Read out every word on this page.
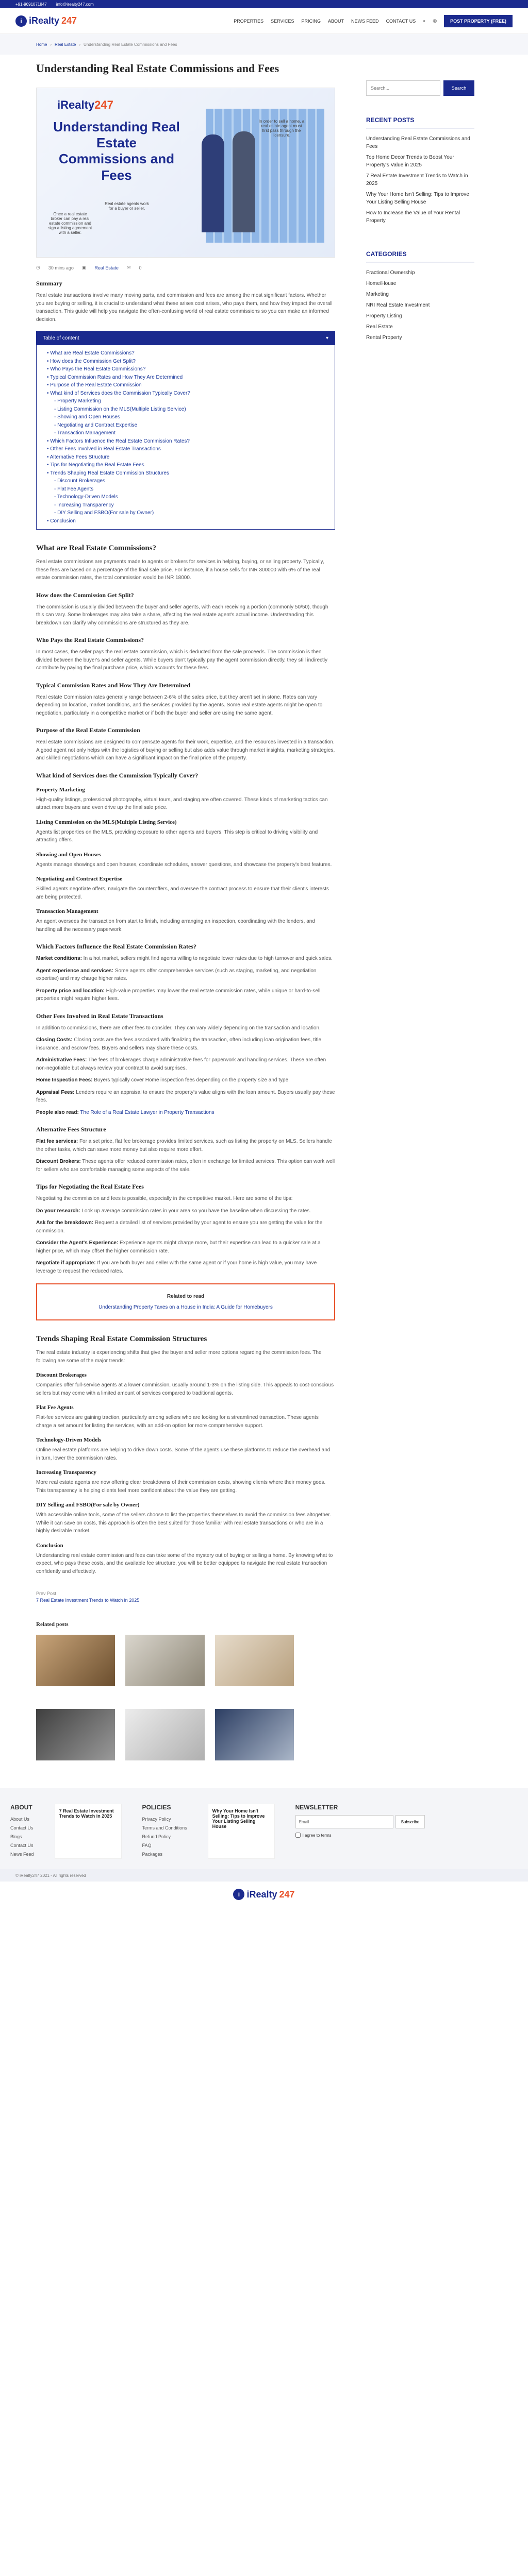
+91-9691071847 info@irealty247.com
i iRealty 247	PROPERTIES SERVICES PRICING ABOUT NEWS FEED CONTACT US ⌕ ◎	POST PROPERTY (FREE)
Home › Real Estate › Understanding Real Estate Commissions and Fees
Understanding Real Estate Commissions and Fees
iRealty247
Understanding Real Estate Commissions and Fees
Once a real estate broker can pay a real estate commission and sign a listing agreement with a seller.
Real estate agents work for a buyer or seller.
In order to sell a home, a real estate agent must first pass through the licensure.
◷ 30 mins ago ▣ Real Estate ✉ 0
Summary

Real estate transactions involve many moving parts, and commission and fees are among the most significant factors. Whether you are buying or selling, it is crucial to understand what these arises cost arises, who pays them, and how they impact the overall transaction. This guide will help you navigate the often-confusing world of real estate commissions so you can make an informed decision.

Table of content	▾
• What are Real Estate Commissions?
• How does the Commission Get Split?
• Who Pays the Real Estate Commissions?
• Typical Commission Rates and How They Are Determined
• Purpose of the Real Estate Commission
• What kind of Services does the Commission Typically Cover?
- Property Marketing
- Listing Commission on the MLS(Multiple Listing Service)
- Showing and Open Houses
- Negotiating and Contract Expertise
- Transaction Management
• Which Factors Influence the Real Estate Commission Rates?
• Other Fees Involved in Real Estate Transactions
• Alternative Fees Structure
• Tips for Negotiating the Real Estate Fees
• Trends Shaping Real Estate Commission Structures
- Discount Brokerages
- Flat Fee Agents
- Technology-Driven Models
- Increasing Transparency
- DIY Selling and FSBO(For sale by Owner)
• Conclusion
What are Real Estate Commissions?

Real estate commissions are payments made to agents or brokers for services in helping, buying, or selling property. Typically, these fees are based on a percentage of the final sale price. For instance, if a house sells for INR 300000 with 6% of the real estate commission rates, the total commission would be INR 18000.

How does the Commission Get Split?

The commission is usually divided between the buyer and seller agents, with each receiving a portion (commonly 50/50), though this can vary. Some brokerages may also take a share, affecting the real estate agent's actual income. Understanding this breakdown can clarify why commissions are structured as they are.

Who Pays the Real Estate Commissions?

In most cases, the seller pays the real estate commission, which is deducted from the sale proceeds. The commission is then divided between the buyer's and seller agents. While buyers don't typically pay the agent commission directly, they still indirectly contribute by paying the final purchase price, which accounts for these fees.

Typical Commission Rates and How They Are Determined

Real estate Commission rates generally range between 2-6% of the sales price, but they aren't set in stone. Rates can vary depending on location, market conditions, and the services provided by the agents. Some real estate agents might be open to negotiation, particularly in a competitive market or if both the buyer and seller are using the same agent.

Purpose of the Real Estate Commission

Real estate commissions are designed to compensate agents for their work, expertise, and the resources invested in a transaction. A good agent not only helps with the logistics of buying or selling but also adds value through market insights, marketing strategies, and skilled negotiations which can have a significant impact on the final price of the property.

What kind of Services does the Commission Typically Cover?
Property Marketing

High-quality listings, professional photography, virtual tours, and staging are often covered. These kinds of marketing tactics can attract more buyers and even drive up the final sale price.

Listing Commission on the MLS(Multiple Listing Service)

Agents list properties on the MLS, providing exposure to other agents and buyers. This step is critical to driving visibility and attracting offers.

Showing and Open Houses

Agents manage showings and open houses, coordinate schedules, answer questions, and showcase the property's best features.

Negotiating and Contract Expertise

Skilled agents negotiate offers, navigate the counteroffers, and oversee the contract process to ensure that their client's interests are being protected.

Transaction Management

An agent oversees the transaction from start to finish, including arranging an inspection, coordinating with the lenders, and handling all the necessary paperwork.

Which Factors Influence the Real Estate Commission Rates?

Market conditions: In a hot market, sellers might find agents willing to negotiate lower rates due to high turnover and quick sales.

Agent experience and services: Some agents offer comprehensive services (such as staging, marketing, and negotiation expertise) and may charge higher rates.

Property price and location: High-value properties may lower the real estate commission rates, while unique or hard-to-sell properties might require higher fees.

Other Fees Involved in Real Estate Transactions

In addition to commissions, there are other fees to consider. They can vary widely depending on the transaction and location.

Closing Costs: Closing costs are the fees associated with finalizing the transaction, often including loan origination fees, title insurance, and escrow fees. Buyers and sellers may share these costs.

Administrative Fees: The fees of brokerages charge administrative fees for paperwork and handling services. These are often non-negotiable but always review your contract to avoid surprises.

Home Inspection Fees: Buyers typically cover Home inspection fees depending on the property size and type.

Appraisal Fees: Lenders require an appraisal to ensure the property's value aligns with the loan amount. Buyers usually pay these fees.

People also read: The Role of a Real Estate Lawyer in Property Transactions

Alternative Fees Structure

Flat fee services: For a set price, flat fee brokerage provides limited services, such as listing the property on MLS. Sellers handle the other tasks, which can save more money but also require more effort.

Discount Brokers: These agents offer reduced commission rates, often in exchange for limited services. This option can work well for sellers who are comfortable managing some aspects of the sale.

Tips for Negotiating the Real Estate Fees

Negotiating the commission and fees is possible, especially in the competitive market. Here are some of the tips:

Do your research: Look up average commission rates in your area so you have the baseline when discussing the rates.

Ask for the breakdown: Request a detailed list of services provided by your agent to ensure you are getting the value for the commission.

Consider the Agent's Experience: Experience agents might charge more, but their expertise can lead to a quicker sale at a higher price, which may offset the higher commission rate.

Negotiate if appropriate: If you are both buyer and seller with the same agent or if your home is high value, you may have leverage to request the reduced rates.

Related to read
Understanding Property Taxes on a House in India: A Guide for Homebuyers
Trends Shaping Real Estate Commission Structures

The real estate industry is experiencing shifts that give the buyer and seller more options regarding the commission fees. The following are some of the major trends:

Discount Brokerages

Companies offer full-service agents at a lower commission, usually around 1-3% on the listing side. This appeals to cost-conscious sellers but may come with a limited amount of services compared to traditional agents.

Flat Fee Agents

Flat-fee services are gaining traction, particularly among sellers who are looking for a streamlined transaction. These agents charge a set amount for listing the services, with an add-on option for more comprehensive support.

Technology-Driven Models

Online real estate platforms are helping to drive down costs. Some of the agents use these platforms to reduce the overhead and in turn, lower the commission rates.

Increasing Transparency

More real estate agents are now offering clear breakdowns of their commission costs, showing clients where their money goes. This transparency is helping clients feel more confident about the value they are getting.

DIY Selling and FSBO(For sale by Owner)

With accessible online tools, some of the sellers choose to list the properties themselves to avoid the commission fees altogether. While it can save on costs, this approach is often the best suited for those familiar with real estate transactions or who are in a highly desirable market.

Conclusion

Understanding real estate commission and fees can take some of the mystery out of buying or selling a home. By knowing what to expect, who pays these costs, and the available fee structure, you will be better equipped to navigate the real estate transaction confidently and effectively.

Prev Post
7 Real Estate Investment Trends to Watch in 2025
Search...
Search
RECENT POSTS
Understanding Real Estate Commissions and Fees
Top Home Decor Trends to Boost Your Property's Value in 2025
7 Real Estate Investment Trends to Watch in 2025
Why Your Home Isn't Selling: Tips to Improve Your Listing Selling House
How to Increase the Value of Your Rental Property
CATEGORIES
Fractional Ownership
Home/House
Marketing
NRI Real Estate Investment
Property Listing
Real Estate
Rental Property
Related posts
ABOUT
About Us
Contact Us
Blogs
Contact Us
News Feed
7 Real Estate Investment Trends to Watch in 2025
POLICIES
Privacy Policy
Terms and Conditions
Refund Policy
FAQ
Packages
Why Your Home Isn't Selling: Tips to Improve Your Listing Selling House
NEWSLETTER
Email
Subscribe
I agree to terms
© iRealty247 2021 - All rights reserved
i iRealty 247
